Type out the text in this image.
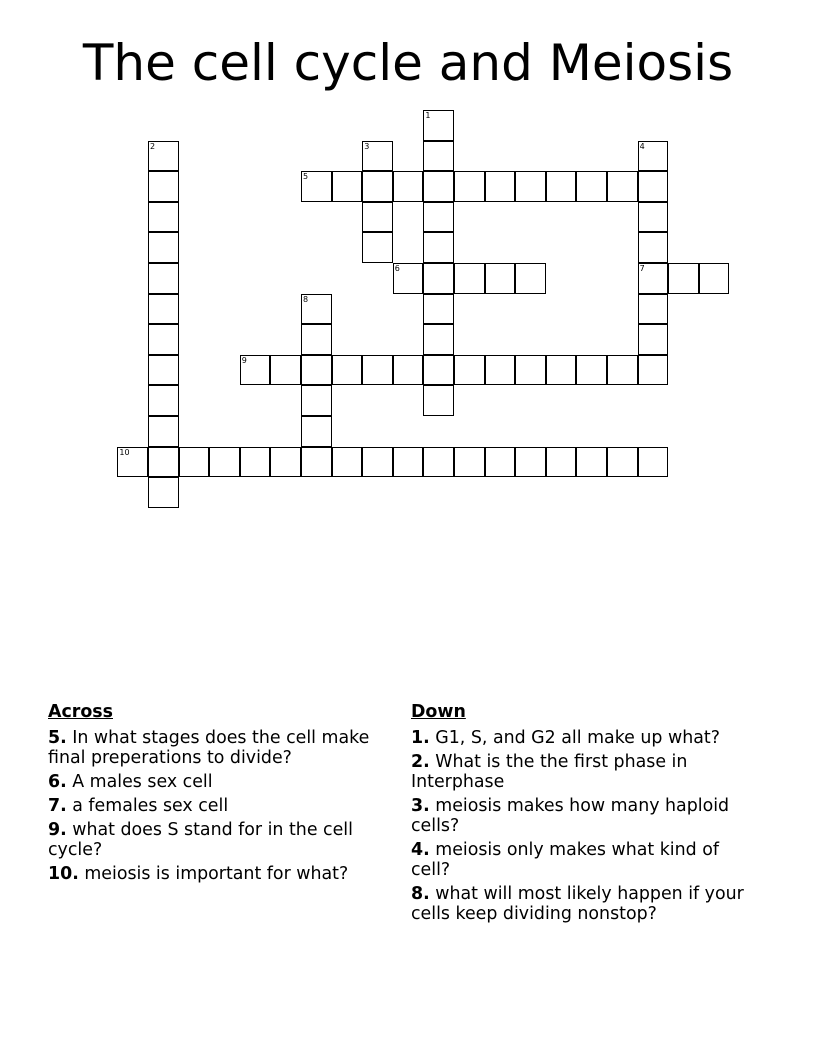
The cell cycle and Meiosis
1
2	3	4
7
5
6
8
9
10
Across
5. In what stages does the cell make final preperations to divide?
6. A males sex cell
7. a females sex cell
9. what does S stand for in the cell cycle?
10. meiosis is important for what?
Down
1. G1, S, and G2 all make up what?
2. What is the the first phase in Interphase
3. meiosis makes how many haploid cells?
4. meiosis only makes what kind of cell?
8. what will most likely happen if your cells keep dividing nonstop?
